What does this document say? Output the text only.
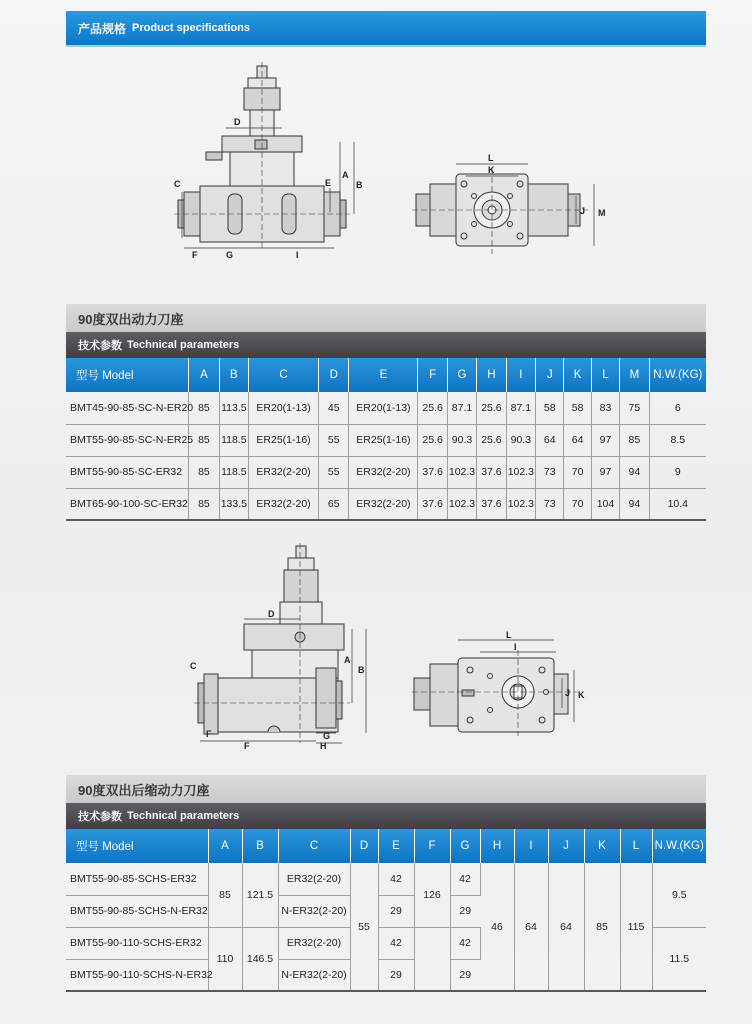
产品规格 Product specifications
D
C	E
A
B
F	G	I
L
K
J M
90度双出动力刀座
技术参数 Technical parameters
型号 Model	A	B	C	D	E	F	G	H	I	J	K	L	M	N.W.(KG)
BMT45-90-85-SC-N-ER20	85	113.5	ER20(1-13)	45	ER20(1-13)	25.6	87.1	25.6	87.1	58	58	83	75	6
BMT55-90-85-SC-N-ER25	85	118.5	ER25(1-16)	55	ER25(1-16)	25.6	90.3	25.6	90.3	64	64	97	85	8.5
BMT55-90-85-SC-ER32	85	118.5	ER32(2-20)	55	ER32(2-20)	37.6	102.3	37.6	102.3	73	70	97	94	9
BMT65-90-100-SC-ER32	85	133.5	ER32(2-20)	65	ER32(2-20)	37.6	102.3	37.6	102.3	73	70	104	94	10.4
D
C
A
B
F
F
G
H
L
I
J K
90度双出后缩动力刀座
技术参数 Technical parameters
型号 Model	A	B	C	D	E	F	G	H	I	J	K	L	N.W.(KG)
BMT55-90-85-SCHS-ER32	85	121.5	ER32(2-20)	55	42	126	42	46	64	64	85	115	9.5
BMT55-90-85-SCHS-N-ER32			N-ER32(2-20)		29		29						
BMT55-90-110-SCHS-ER32	110	146.5	ER32(2-20)		42		42						11.5
BMT55-90-110-SCHS-N-ER32			N-ER32(2-20)		29		29						
